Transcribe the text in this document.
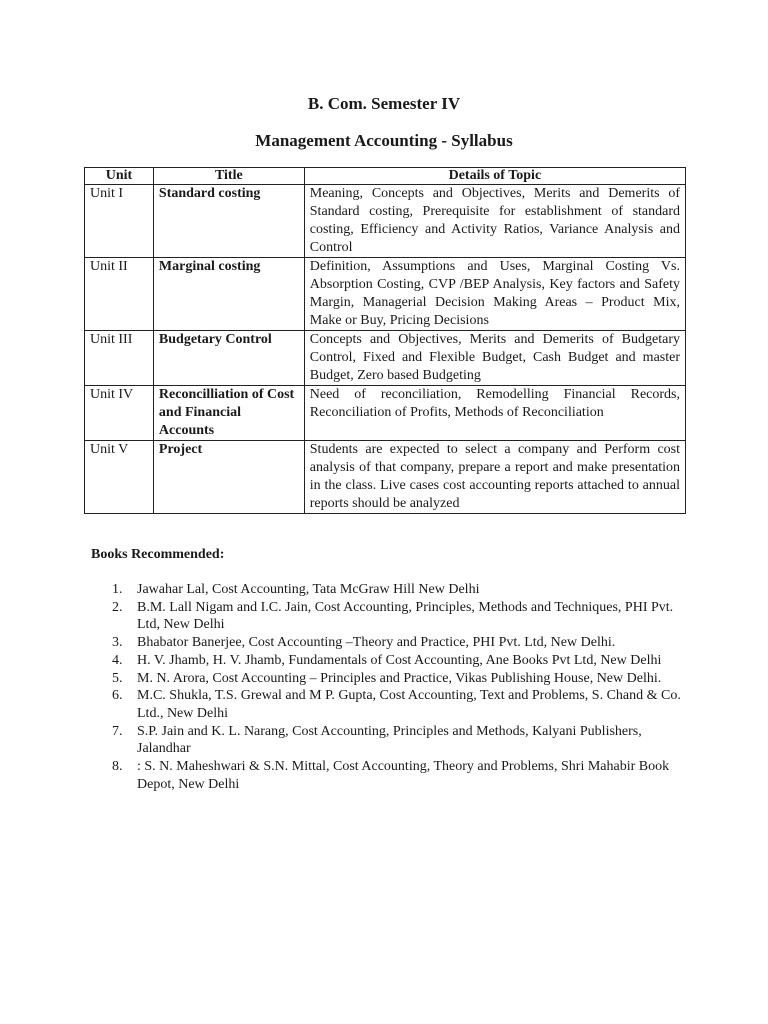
B. Com. Semester IV
Management Accounting - Syllabus
Unit	Title	Details of Topic
Unit I	Standard costing	Meaning, Concepts and Objectives, Merits and Demerits of Standard costing, Prerequisite for establishment of standard costing, Efficiency and Activity Ratios, Variance Analysis and Control
Unit II	Marginal costing	Definition, Assumptions and Uses, Marginal Costing Vs. Absorption Costing, CVP /BEP Analysis, Key factors and Safety Margin, Managerial Decision Making Areas – Product Mix, Make or Buy, Pricing Decisions
Unit III	Budgetary Control	Concepts and Objectives, Merits and Demerits of Budgetary Control, Fixed and Flexible Budget, Cash Budget and master Budget, Zero based Budgeting
Unit IV	Reconcilliation of Cost and Financial Accounts	Need of reconciliation, Remodelling Financial Records, Reconciliation of Profits, Methods of Reconciliation
Unit V	Project	Students are expected to select a company and Perform cost analysis of that company, prepare a report and make presentation in the class. Live cases cost accounting reports attached to annual reports should be analyzed
Books Recommended:
1. Jawahar Lal, Cost Accounting, Tata McGraw Hill New Delhi
2. B.M. Lall Nigam and I.C. Jain, Cost Accounting, Principles, Methods and Techniques, PHI Pvt. Ltd, New Delhi
3. Bhabator Banerjee, Cost Accounting –Theory and Practice, PHI Pvt. Ltd, New Delhi.
4. H. V. Jhamb, H. V. Jhamb, Fundamentals of Cost Accounting, Ane Books Pvt Ltd, New Delhi
5. M. N. Arora, Cost Accounting – Principles and Practice, Vikas Publishing House, New Delhi.
6. M.C. Shukla, T.S. Grewal and M P. Gupta, Cost Accounting, Text and Problems, S. Chand & Co. Ltd., New Delhi
7. S.P. Jain and K. L. Narang, Cost Accounting, Principles and Methods, Kalyani Publishers, Jalandhar
8. : S. N. Maheshwari & S.N. Mittal, Cost Accounting, Theory and Problems, Shri Mahabir Book Depot, New Delhi
